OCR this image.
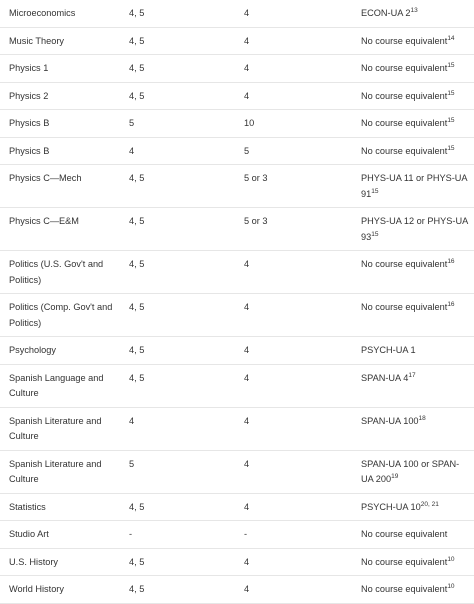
Microeconomics	4, 5	4	ECON-UA $2^{13}$
Music Theory	4, 5	4	No course equivalent$^{14}$
Physics 1	4, 5	4	No course equivalent$^{15}$
Physics 2	4, 5	4	No course equivalent$^{15}$
Physics B	5	10	No course equivalent$^{15}$
Physics B	4	5	No course equivalent$^{15}$
Physics C—Mech	4, 5	5 or 3	PHYS-UA 11 or PHYS-UA $91^{15}$
Physics C—E&M	4, 5	5 or 3	PHYS-UA 12 or PHYS-UA $93^{15}$
Politics (U.S. Gov't and Politics)	4, 5	4	No course equivalent$^{16}$
Politics (Comp. Gov't and Politics)	4, 5	4	No course equivalent$^{16}$
Psychology	4, 5	4	PSYCH-UA 1
Spanish Language and Culture	4, 5	4	SPAN-UA $4^{17}$
Spanish Literature and Culture	4	4	SPAN-UA $100^{18}$
Spanish Literature and Culture	5	4	SPAN-UA 100 or SPAN-UA $200^{19}$
Statistics	4, 5	4	PSYCH-UA 10$^{20, 21}$
Studio Art	-	-	No course equivalent
U.S. History	4, 5	4	No course equivalent$^{10}$
World History	4, 5	4	No course equivalent$^{10}$
